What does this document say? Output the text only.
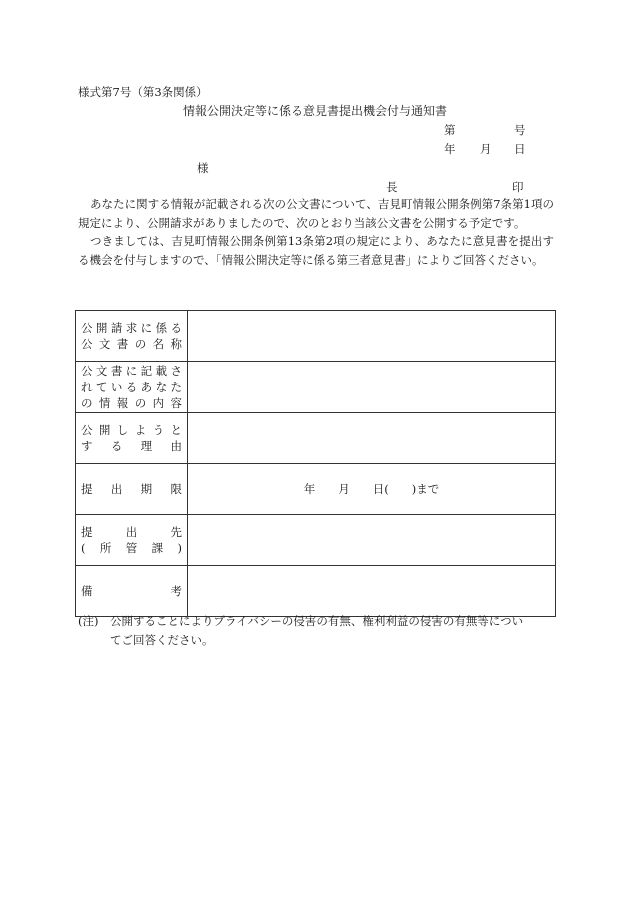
様式第7号（第3条関係）
情報公開決定等に係る意見書提出機会付与通知書
第	号
年 月 日
様
長	印

あなたに関する情報が記載される次の公文書について、吉見町情報公開条例第7条第1項の規定により、公開請求がありましたので、次のとおり当該公文書を公開する予定です。

つきましては、吉見町情報公開条例第13条第2項の規定により、あなたに意見書を提出する機会を付与しますので、「情報公開決定等に係る第三者意見書」によりご回答ください。

公開請求に係る
公文書の名称	

公文書に記載さ
れているあなた
の情報の内容	

公開しようと
する理由	

提出期限	年　　月　　日(　　)まで

提出先
(所管課)	

備考	

(注)　公開することによりプライバシーの侵害の有無、権利利益の侵害の有無等につい
てご回答ください。
